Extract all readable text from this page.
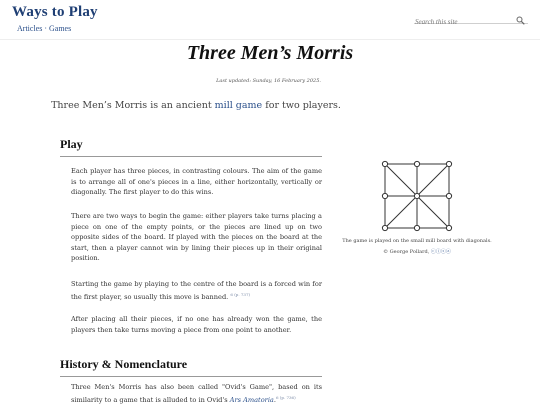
Ways to Play
Articles · Games
Search this site
Three Men’s Morris
Last updated: Sunday, 16 February 2025.
Three Men’s Morris is an ancient mill game for two players.
Play

Each player has three pieces, in contrasting colours. The aim of the game is to arrange all of one's pieces in a line, either horizontally, vertically or diagonally. The first player to do this wins.

There are two ways to begin the game: either players take turns placing a piece on one of the empty points, or the pieces are lined up on two opposite sides of the board. If played with the pieces on the board at the start, then a player cannot win by lining their pieces up in their original position.

Starting the game by playing to the centre of the board is a forced win for the first player, so usually this move is banned. $^{6 (p. 737)}$

After placing all their pieces, if no one has already won the game, the players then take turns moving a piece from one point to another.

History & Nomenclature

Three Men's Morris has also been called "Ovid's Game", based on its similarity to a game that is alluded to in Ovid's Ars Amatoria.$^{6 (p. 736)}$

The game is played on the small mill board with diagonals.
© George Pollard, ⓒⓘⓢⓐ
